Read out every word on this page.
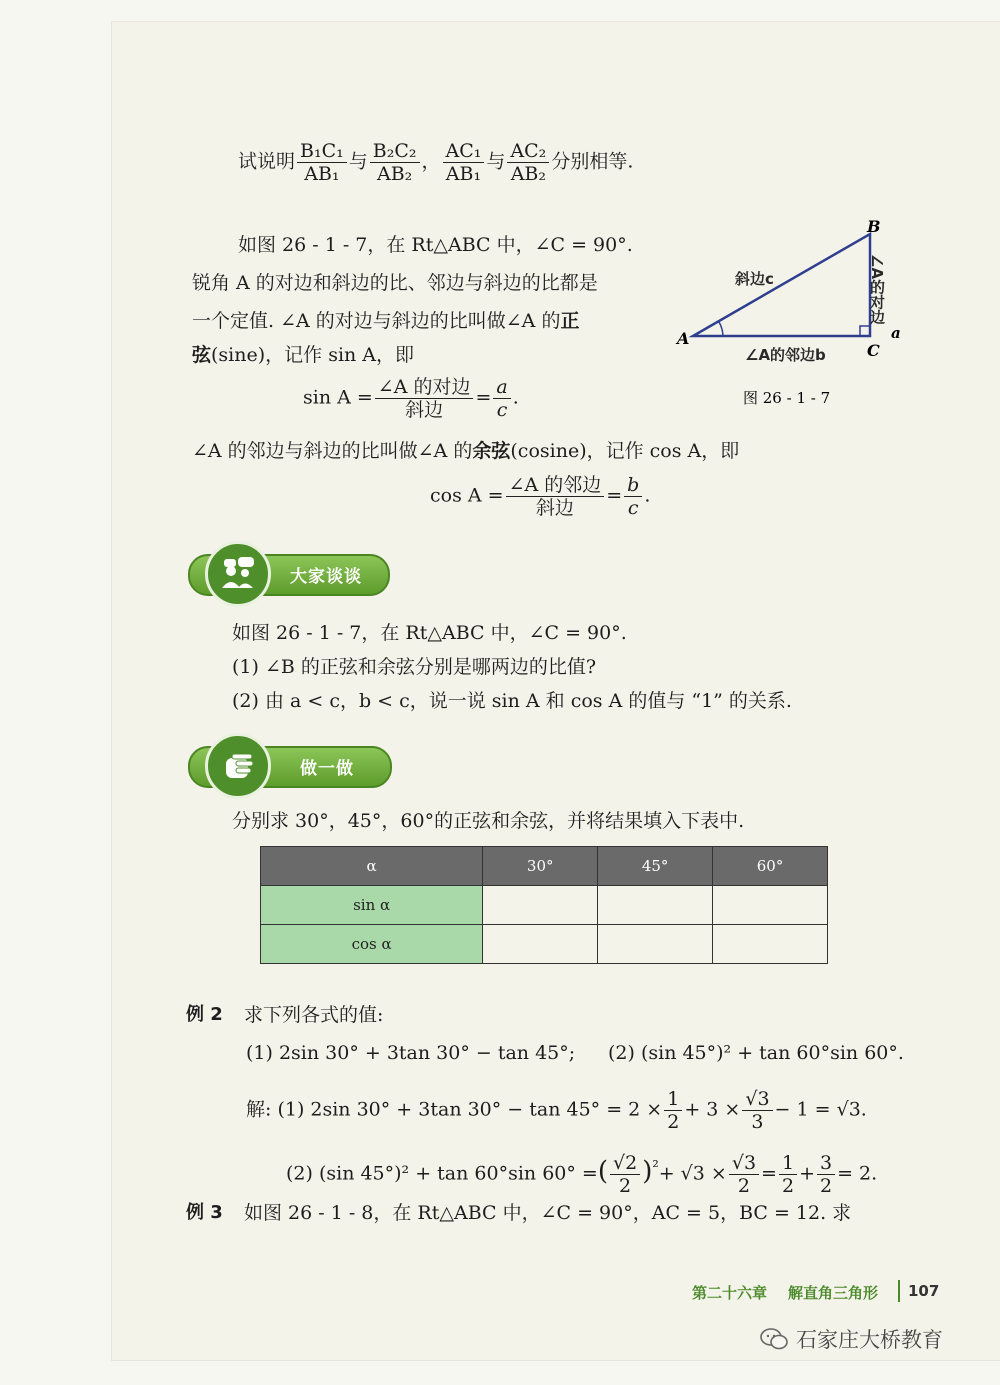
试说明 $\frac{\text{B₁C₁}}{\text{AB₁}}$ 与 $\frac{\text{B₂C₂}}{\text{AB₂}}$ ， $\frac{\text{AC₁}}{\text{AB₁}}$ 与 $\frac{\text{AC₂}}{\text{AB₂}}$ 分别相等.
如图 26 - 1 - 7，在 Rt△ABC 中，∠C = 90°.
锐角 A 的对边和斜边的比、邻边与斜边的比都是
一个定值. ∠A 的对边与斜边的比叫做∠A 的正
弦(sine)，记作 sin A，即
$\sin A = \frac{\text{∠A 的对边}}{\text{斜边}} = \frac{a}{c}$ .
∠A 的邻边与斜边的比叫做∠A 的余弦(cosine)，记作 cos A，即
$\cos A = \frac{\text{∠A 的邻边}}{\text{斜边}} = \frac{b}{c}$ .
A
B
C
斜边c
∠A的邻边b
∠A的对边
a
图 26 - 1 - 7
大家谈谈
如图 26 - 1 - 7，在 Rt△ABC 中，∠C = 90°.
(1) ∠B 的正弦和余弦分别是哪两边的比值?
(2) 由 a < c，b < c，说一说 sin A 和 cos A 的值与 “1” 的关系.
做一做
分别求 30°，45°，60°的正弦和余弦，并将结果填入下表中.
α	30°	45°	60°
sin α			
cos α			
例 2 求下列各式的值:
(1) 2sin 30° + 3tan 30° − tan 45°; (2) (sin 45°)² + tan 60°sin 60°.
解: (1) 2sin 30° + 3tan $30^\circ - \tan 45^\circ = 2 \times \frac{1}{2} + 3 \times \frac{√3}{3} - 1 = √3$.
(2) (sin 45°)² + tan 60°sin 60° =( $\frac{√2}{2} )^{^2}+ √3 \times \frac{√3}{2} = \frac{1}{2} + \frac{3}{2} = 2$.
例 3 如图 26 - 1 - 8，在 Rt△ABC 中，∠C = 90°，AC = 5，BC = 12. 求
第二十六章 解直角三角形 107
石家庄大桥教育
